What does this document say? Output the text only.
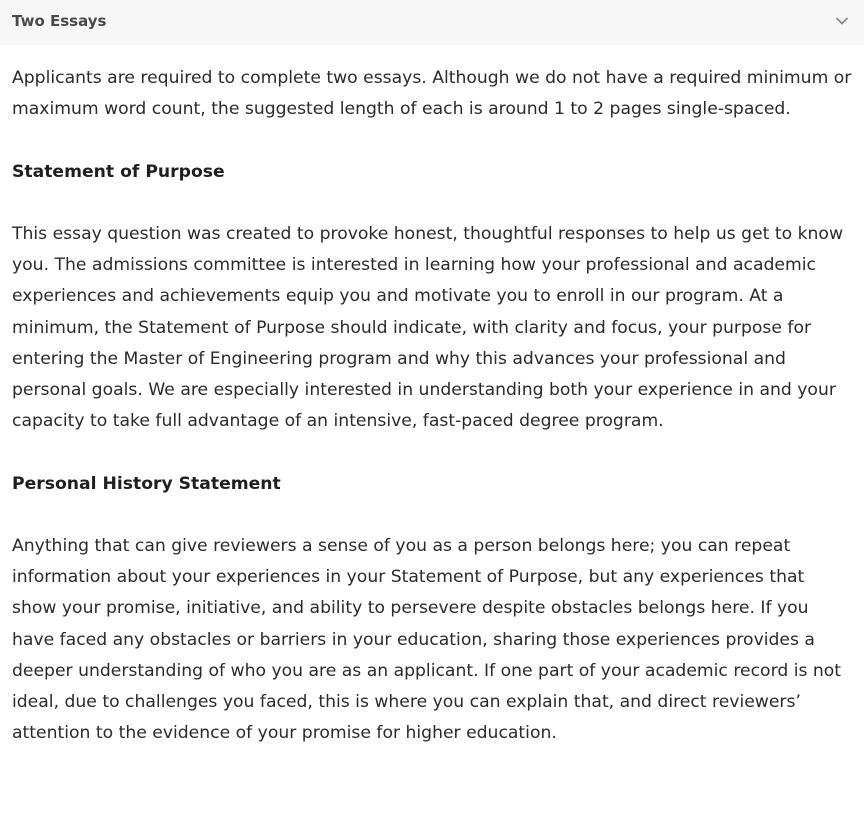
Two Essays

Applicants are required to complete two essays. Although we do not have a required minimum or maximum word count, the suggested length of each is around 1 to 2 pages single-spaced.

Statement of Purpose

This essay question was created to provoke honest, thoughtful responses to help us get to know you. The admissions committee is interested in learning how your professional and academic experiences and achievements equip you and motivate you to enroll in our program. At a minimum, the Statement of Purpose should indicate, with clarity and focus, your purpose for entering the Master of Engineering program and why this advances your professional and personal goals. We are especially interested in understanding both your experience in and your capacity to take full advantage of an intensive, fast-paced degree program.

Personal History Statement

Anything that can give reviewers a sense of you as a person belongs here; you can repeat information about your experiences in your Statement of Purpose, but any experiences that show your promise, initiative, and ability to persevere despite obstacles belongs here. If you have faced any obstacles or barriers in your education, sharing those experiences provides a deeper understanding of who you are as an applicant. If one part of your academic record is not ideal, due to challenges you faced, this is where you can explain that, and direct reviewers’ attention to the evidence of your promise for higher education.
